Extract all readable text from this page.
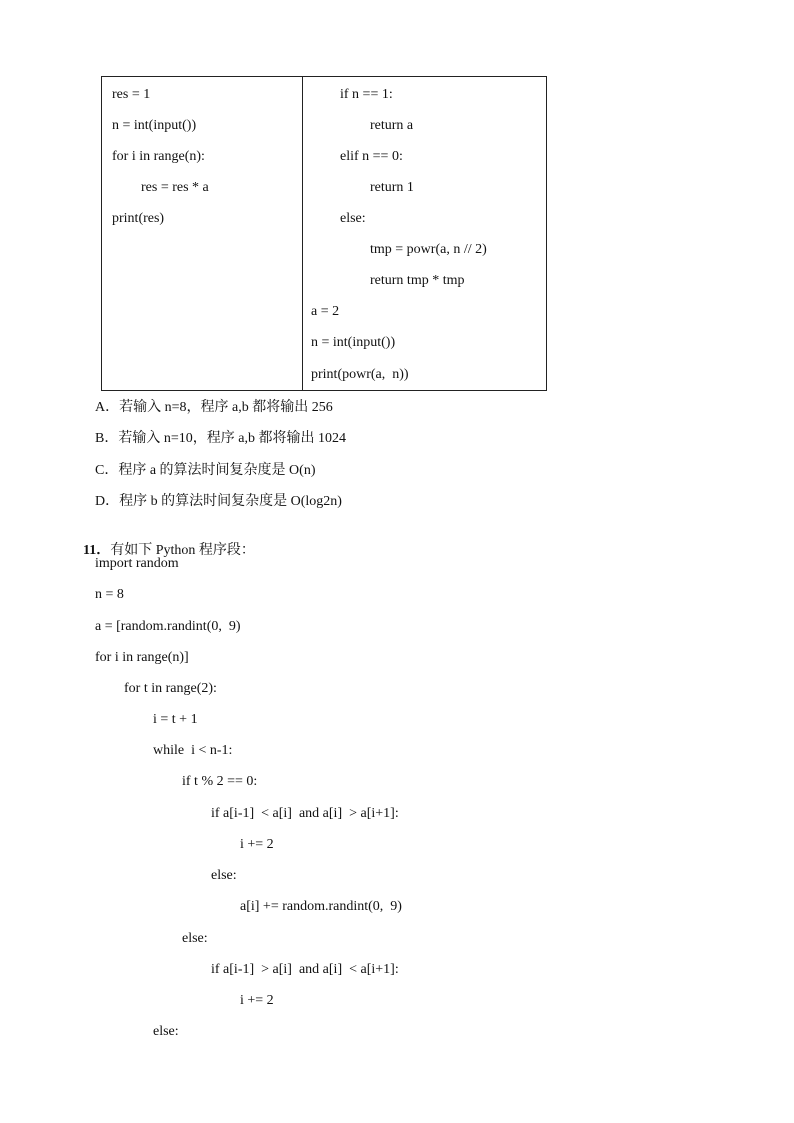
res = 1
n = int(input())
for i in range(n):
res = res * a
print(res)
if n == 1:
return a
elif n == 0:
return 1
else:
tmp = powr(a, n // 2)
return tmp * tmp
a = 2
n = int(input())
print(powr(a,  n))
A．若输入 n=8，程序 a,b 都将输出 256
B．若输入 n=10，程序 a,b 都将输出 1024
C．程序 a 的算法时间复杂度是 O(n)
D．程序 b 的算法时间复杂度是 O(log2n)

11．有如下 Python 程序段：

import random
n = 8
a = [random.randint(0,  9)
for i in range(n)]
for t in range(2):
i = t + 1
while  i < n-1:
if t % 2 == 0:
if a[i-1]  < a[i]  and a[i]  > a[i+1]:
i += 2
else:
a[i] += random.randint(0,  9)
else:
if a[i-1]  > a[i]  and a[i]  < a[i+1]:
i += 2
else:
